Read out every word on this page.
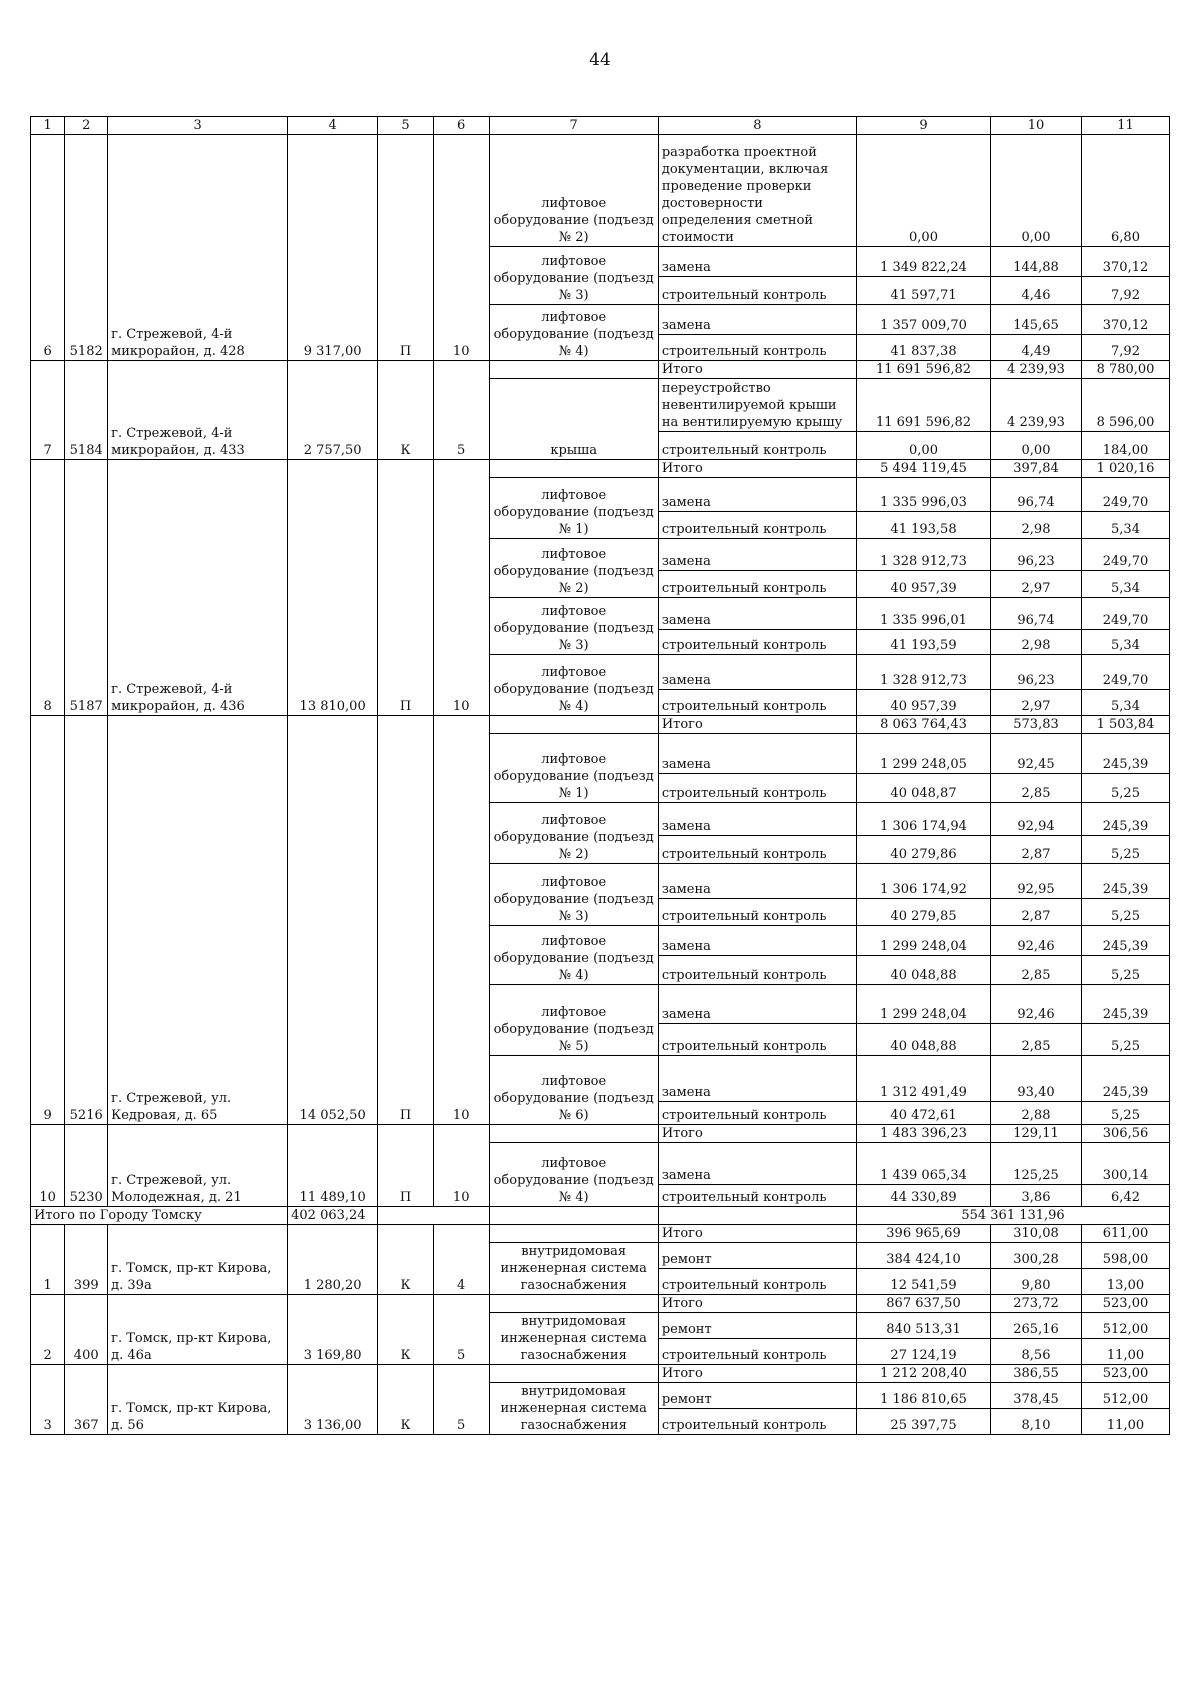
44
1	2	3	4	5	6	7	8	9	10	11
6	5182	г. Стрежевой, 4-й микрорайон, д. 428	9 317,00	П	10	лифтовое оборудование (подъезд № 2)	разработка проектной документации, включая проведение проверки достоверности определения сметной стоимости	0,00	0,00	6,80
						лифтовое оборудование (подъезд № 3)	замена	1 349 822,24	144,88	370,12
							строительный контроль	41 597,71	4,46	7,92
						лифтовое оборудование (подъезд № 4)	замена	1 357 009,70	145,65	370,12
							строительный контроль	41 837,38	4,49	7,92
7	5184	г. Стрежевой, 4-й микрорайон, д. 433	2 757,50	К	5		Итого	11 691 596,82	4 239,93	8 780,00
						крыша	переустройство невентилируемой крыши на вентилируемую крышу	11 691 596,82	4 239,93	8 596,00
							строительный контроль	0,00	0,00	184,00
8	5187	г. Стрежевой, 4-й микрорайон, д. 436	13 810,00	П	10		Итого	5 494 119,45	397,84	1 020,16
						лифтовое оборудование (подъезд № 1)	замена	1 335 996,03	96,74	249,70
							строительный контроль	41 193,58	2,98	5,34
						лифтовое оборудование (подъезд № 2)	замена	1 328 912,73	96,23	249,70
							строительный контроль	40 957,39	2,97	5,34
						лифтовое оборудование (подъезд № 3)	замена	1 335 996,01	96,74	249,70
							строительный контроль	41 193,59	2,98	5,34
						лифтовое оборудование (подъезд № 4)	замена	1 328 912,73	96,23	249,70
							строительный контроль	40 957,39	2,97	5,34
9	5216	г. Стрежевой, ул. Кедровая, д. 65	14 052,50	П	10		Итого	8 063 764,43	573,83	1 503,84
						лифтовое оборудование (подъезд № 1)	замена	1 299 248,05	92,45	245,39
							строительный контроль	40 048,87	2,85	5,25
						лифтовое оборудование (подъезд № 2)	замена	1 306 174,94	92,94	245,39
							строительный контроль	40 279,86	2,87	5,25
						лифтовое оборудование (подъезд № 3)	замена	1 306 174,92	92,95	245,39
							строительный контроль	40 279,85	2,87	5,25
						лифтовое оборудование (подъезд № 4)	замена	1 299 248,04	92,46	245,39
							строительный контроль	40 048,88	2,85	5,25
						лифтовое оборудование (подъезд № 5)	замена	1 299 248,04	92,46	245,39
							строительный контроль	40 048,88	2,85	5,25
						лифтовое оборудование (подъезд № 6)	замена	1 312 491,49	93,40	245,39
							строительный контроль	40 472,61	2,88	5,25
10	5230	г. Стрежевой, ул. Молодежная, д. 21	11 489,10	П	10		Итого	1 483 396,23	129,11	306,56
						лифтовое оборудование (подъезд № 4)	замена	1 439 065,34	125,25	300,14
							строительный контроль	44 330,89	3,86	6,42
Итого по Городу Томску			402 063,24					554 361 131,96		
1	399	г. Томск, пр-кт Кирова, д. 39а	1 280,20	К	4		Итого	396 965,69	310,08	611,00
						внутридомовая инженерная система газоснабжения	ремонт	384 424,10	300,28	598,00
							строительный контроль	12 541,59	9,80	13,00
2	400	г. Томск, пр-кт Кирова, д. 46а	3 169,80	К	5		Итого	867 637,50	273,72	523,00
						внутридомовая инженерная система газоснабжения	ремонт	840 513,31	265,16	512,00
							строительный контроль	27 124,19	8,56	11,00
3	367	г. Томск, пр-кт Кирова, д. 56	3 136,00	К	5		Итого	1 212 208,40	386,55	523,00
						внутридомовая инженерная система газоснабжения	ремонт	1 186 810,65	378,45	512,00
							строительный контроль	25 397,75	8,10	11,00
